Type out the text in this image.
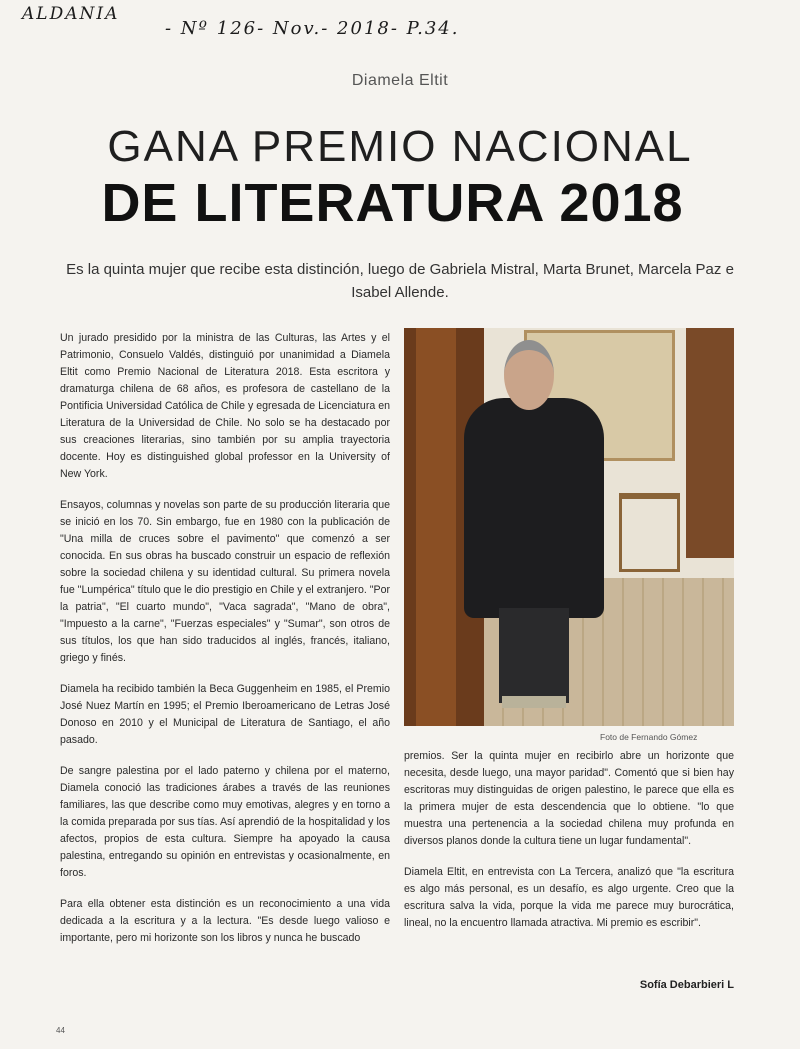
ALDANIA
- Nº 126- Nov.- 2018- P.34.
Diamela Eltit
GANA PREMIO NACIONAL
DE LITERATURA 2018
Es la quinta mujer que recibe esta distinción, luego de Gabriela Mistral, Marta Brunet, Marcela Paz e Isabel Allende.

Un jurado presidido por la ministra de las Culturas, las Artes y el Patrimonio, Consuelo Valdés, distinguió por unanimidad a Diamela Eltit como Premio Nacional de Literatura 2018. Esta escritora y dramaturga chilena de 68 años, es profesora de castellano de la Pontificia Universidad Católica de Chile y egresada de Licenciatura en Literatura de la Universidad de Chile. No solo se ha destacado por sus creaciones literarias, sino también por su amplia trayectoria docente. Hoy es distinguished global professor en la University of New York.

Ensayos, columnas y novelas son parte de su producción literaria que se inició en los 70. Sin embargo, fue en 1980 con la publicación de "Una milla de cruces sobre el pavimento" que comenzó a ser conocida. En sus obras ha buscado construir un espacio de reflexión sobre la sociedad chilena y su identidad cultural. Su primera novela fue "Lumpérica" título que le dio prestigio en Chile y el extranjero. "Por la patria", "El cuarto mundo", "Vaca sagrada", "Mano de obra", "Impuesto a la carne", "Fuerzas especiales" y "Sumar", son otros de sus títulos, los que han sido traducidos al inglés, francés, italiano, griego y finés.

Diamela ha recibido también la Beca Guggenheim en 1985, el Premio José Nuez Martín en 1995; el Premio Iberoamericano de Letras José Donoso en 2010 y el Municipal de Literatura de Santiago, el año pasado.

De sangre palestina por el lado paterno y chilena por el materno, Diamela conoció las tradiciones árabes a través de las reuniones familiares, las que describe como muy emotivas, alegres y en torno a la comida preparada por sus tías. Así aprendió de la hospitalidad y los afectos, propios de esta cultura. Siempre ha apoyado la causa palestina, entregando su opinión en entrevistas y ocasionalmente, en foros.

Para ella obtener esta distinción es un reconocimiento a una vida dedicada a la escritura y a la lectura. "Es desde luego valioso e importante, pero mi horizonte son los libros y nunca he buscado

Foto de Fernando Gómez

premios. Ser la quinta mujer en recibirlo abre un horizonte que necesita, desde luego, una mayor paridad". Comentó que si bien hay escritoras muy distinguidas de origen palestino, le parece que ella es la primera mujer de esta descendencia que lo obtiene. "lo que muestra una pertenencia a la sociedad chilena muy profunda en diversos planos donde la cultura tiene un lugar fundamental".

Diamela Eltit, en entrevista con La Tercera, analizó que "la escritura es algo más personal, es un desafío, es algo urgente. Creo que la escritura salva la vida, porque la vida me parece muy burocrática, lineal, no la encuentro llamada atractiva. Mi premio es escribir".

Sofía Debarbieri L
44
